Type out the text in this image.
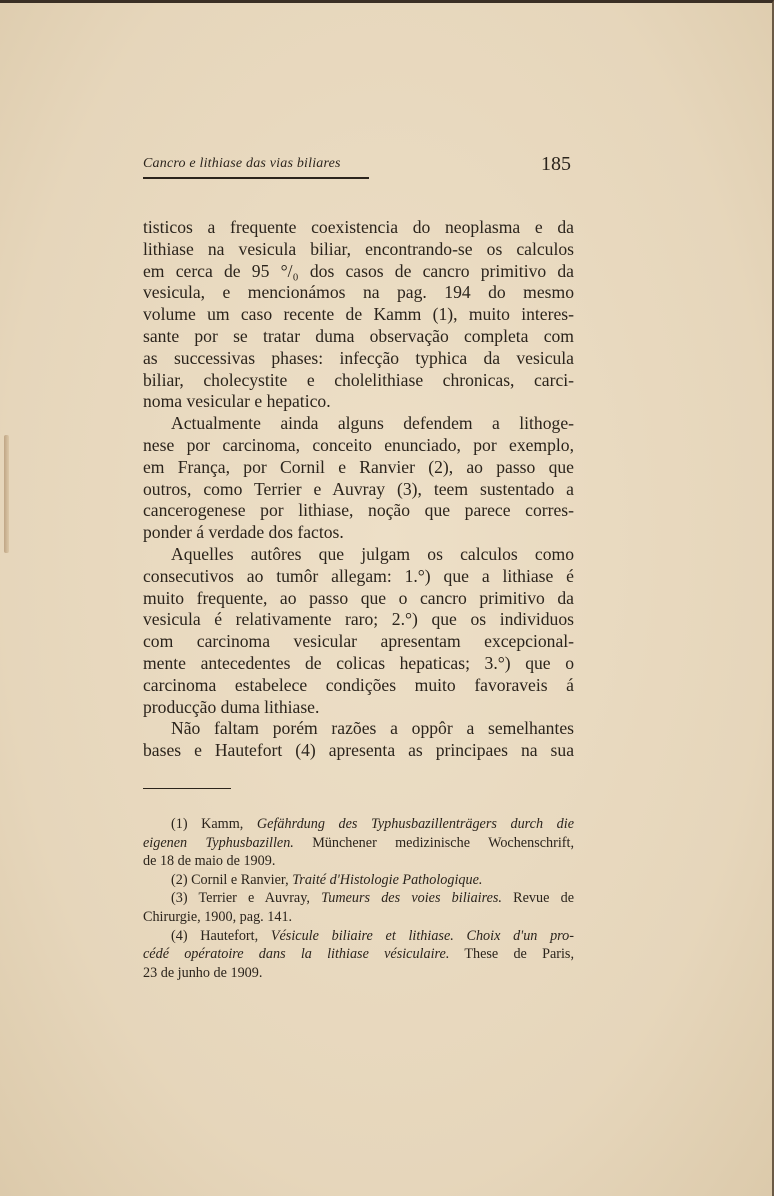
Cancro e lithiase das vias biliares	185
tisticos a frequente coexistencia do neoplasma e da
lithiase na vesicula biliar, encontrando-se os calculos
em cerca de 95 °/₀ dos casos de cancro primitivo da
vesicula, e mencionámos na pag. 194 do mesmo
volume um caso recente de Kamm (1), muito interes-
sante por se tratar duma observação completa com
as successivas phases: infecção typhica da vesicula
biliar, cholecystite e cholelithiase chronicas, carci-
noma vesicular e hepatico.
Actualmente ainda alguns defendem a lithoge-
nese por carcinoma, conceito enunciado, por exemplo,
em França, por Cornil e Ranvier (2), ao passo que
outros, como Terrier e Auvray (3), teem sustentado a
cancerogenese por lithiase, noção que parece corres-
ponder á verdade dos factos.
Aquelles autôres que julgam os calculos como
consecutivos ao tumôr allegam: 1.°) que a lithiase é
muito frequente, ao passo que o cancro primitivo da
vesicula é relativamente raro; 2.°) que os individuos
com carcinoma vesicular apresentam excepcional-
mente antecedentes de colicas hepaticas; 3.°) que o
carcinoma estabelece condições muito favoraveis á
producção duma lithiase.
Não faltam porém razões a oppôr a semelhantes
bases e Hautefort (4) apresenta as principaes na sua
(1) Kamm, Gefährdung des Typhusbazillenträgers durch die
eigenen Typhusbazillen. Münchener medizinische Wochenschrift,
de 18 de maio de 1909.
(2) Cornil e Ranvier, Traité d'Histologie Pathologique.
(3) Terrier e Auvray, Tumeurs des voies biliaires. Revue de
Chirurgie, 1900, pag. 141.
(4) Hautefort, Vésicule biliaire et lithiase. Choix d'un pro-
cédé opératoire dans la lithiase vésiculaire. These de Paris,
23 de junho de 1909.
